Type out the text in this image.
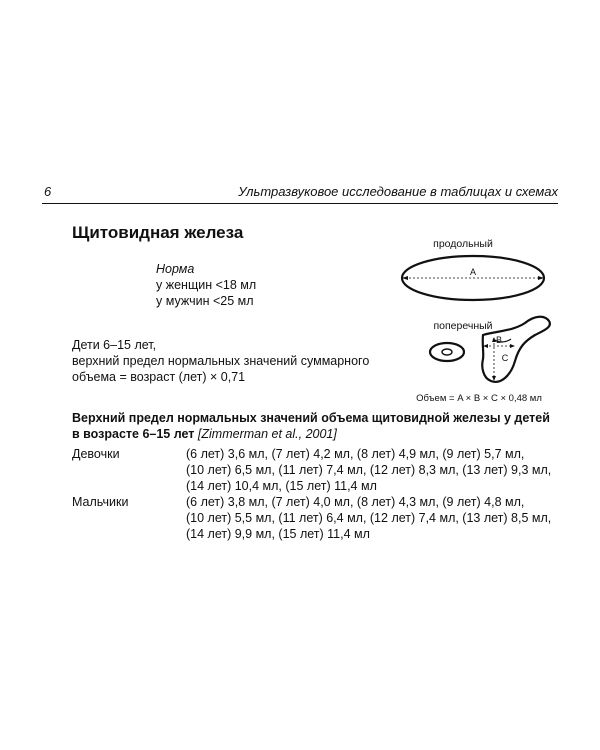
6	Ультразвуковое исследование в таблицах и схемах
Щитовидная железа
Норма
у женщин <18 мл
у мужчин <25 мл
Дети 6–15 лет,
верхний предел нормальных значений суммарного
объема = возраст (лет) × 0,71
продольный
A
поперечный
B
C
Объем = A × B × C × 0,48 мл
Верхний предел нормальных значений объема щитовидной железы у детей
в возрасте 6–15 лет [Zimmerman et al., 2001]
Девочки	(6 лет) 3,6 мл, (7 лет) 4,2 мл, (8 лет) 4,9 мл, (9 лет) 5,7 мл,
(10 лет) 6,5 мл, (11 лет) 7,4 мл, (12 лет) 8,3 мл, (13 лет) 9,3 мл,
(14 лет) 10,4 мл, (15 лет) 11,4 мл
Мальчики	(6 лет) 3,8 мл, (7 лет) 4,0 мл, (8 лет) 4,3 мл, (9 лет) 4,8 мл,
(10 лет) 5,5 мл, (11 лет) 6,4 мл, (12 лет) 7,4 мл, (13 лет) 8,5 мл,
(14 лет) 9,9 мл, (15 лет) 11,4 мл
